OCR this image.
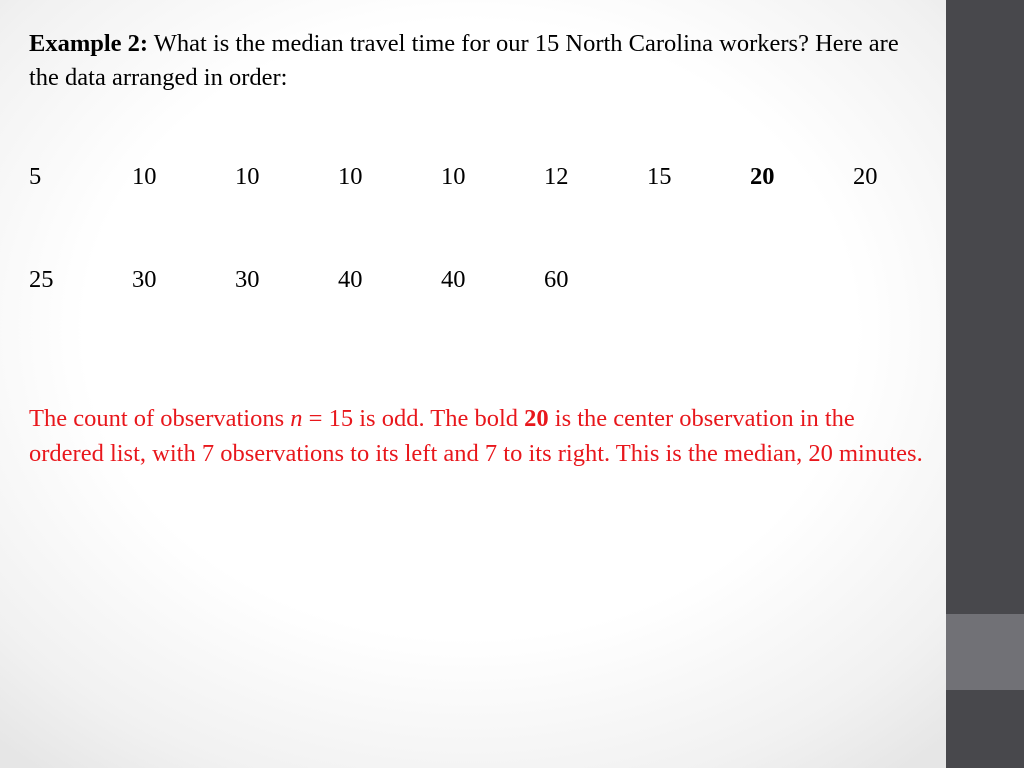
Example 2: What is the median travel time for our 15 North Carolina workers? Here are the data arranged in order:

5	10	10	10	10	12	15	20	20
25	30	30	40	40	60

The count of observations n = 15 is odd. The bold 20 is the center observation in the ordered list, with 7 observations to its left and 7 to its right. This is the median, 20 minutes.
